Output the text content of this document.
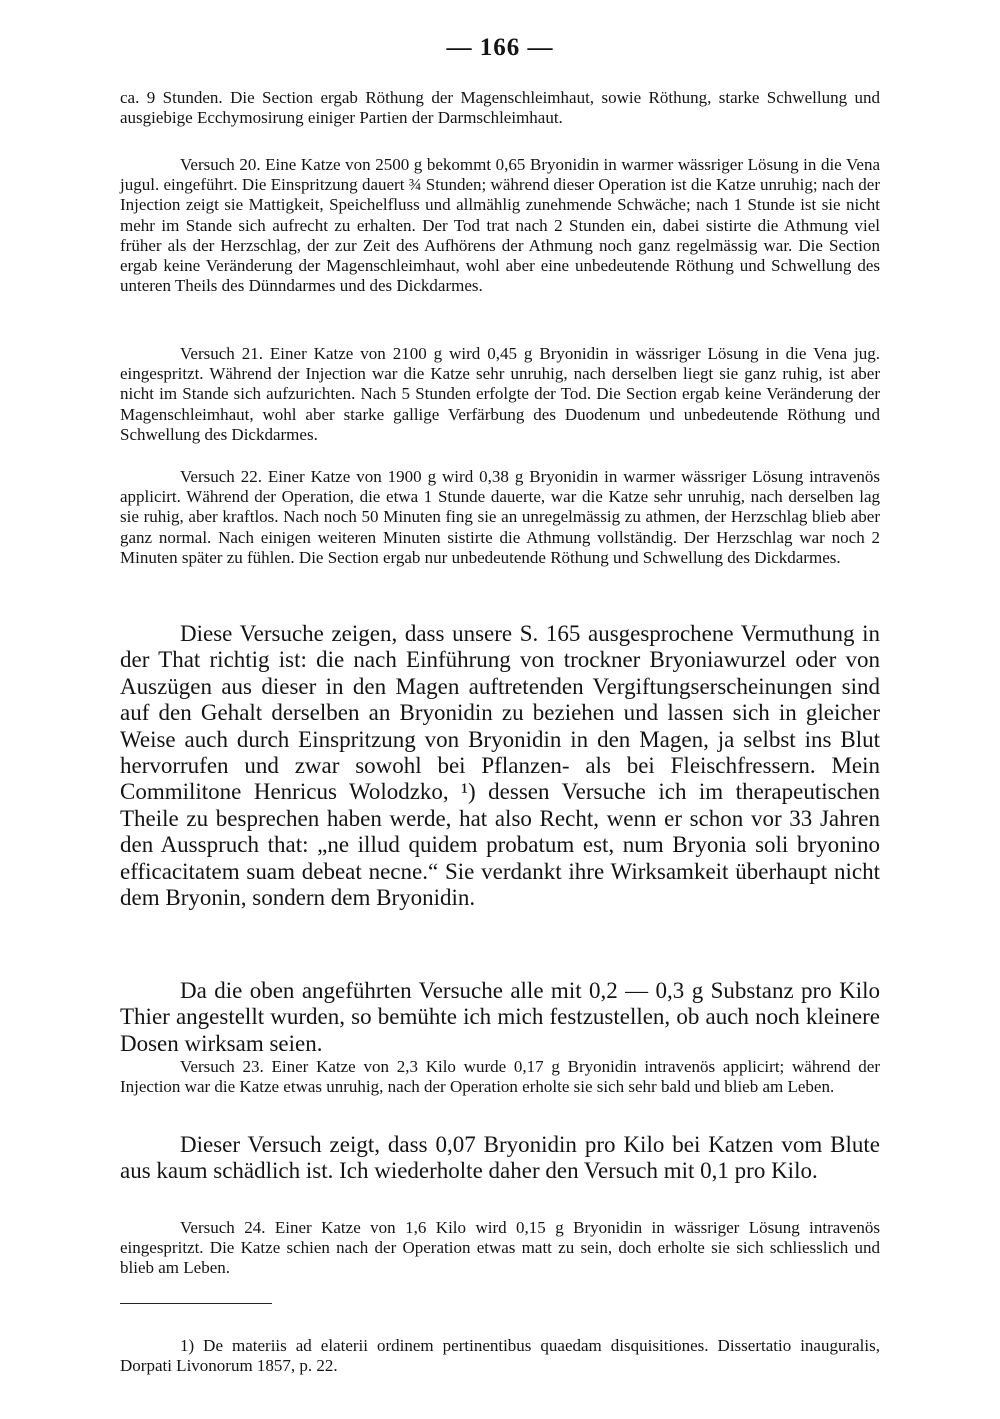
— 166 —
ca. 9 Stunden. Die Section ergab Röthung der Magenschleimhaut, sowie Röthung, starke Schwellung und ausgiebige Ecchymosirung einiger Partien der Darmschleimhaut.
Versuch 20. Eine Katze von 2500 g bekommt 0,65 Bryonidin in warmer wässriger Lösung in die Vena jugul. eingeführt. Die Einspritzung dauert ¾ Stunden; während dieser Operation ist die Katze unruhig; nach der Injection zeigt sie Mattigkeit, Speichelfluss und allmählig zunehmende Schwäche; nach 1 Stunde ist sie nicht mehr im Stande sich aufrecht zu erhalten. Der Tod trat nach 2 Stunden ein, dabei sistirte die Athmung viel früher als der Herzschlag, der zur Zeit des Aufhörens der Athmung noch ganz regelmässig war. Die Section ergab keine Veränderung der Magenschleimhaut, wohl aber eine unbedeutende Röthung und Schwellung des unteren Theils des Dünndarmes und des Dickdarmes.
Versuch 21. Einer Katze von 2100 g wird 0,45 g Bryonidin in wässriger Lösung in die Vena jug. eingespritzt. Während der Injection war die Katze sehr unruhig, nach derselben liegt sie ganz ruhig, ist aber nicht im Stande sich aufzurichten. Nach 5 Stunden erfolgte der Tod. Die Section ergab keine Veränderung der Magenschleimhaut, wohl aber starke gallige Verfärbung des Duodenum und unbedeutende Röthung und Schwellung des Dickdarmes.
Versuch 22. Einer Katze von 1900 g wird 0,38 g Bryonidin in warmer wässriger Lösung intravenös applicirt. Während der Operation, die etwa 1 Stunde dauerte, war die Katze sehr unruhig, nach derselben lag sie ruhig, aber kraftlos. Nach noch 50 Minuten fing sie an unregelmässig zu athmen, der Herzschlag blieb aber ganz normal. Nach einigen weiteren Minuten sistirte die Athmung vollständig. Der Herzschlag war noch 2 Minuten später zu fühlen. Die Section ergab nur unbedeutende Röthung und Schwellung des Dickdarmes.
Diese Versuche zeigen, dass unsere S. 165 ausgesprochene Vermuthung in der That richtig ist: die nach Einführung von trockner Bryoniawurzel oder von Auszügen aus dieser in den Magen auftretenden Vergiftungserscheinungen sind auf den Gehalt derselben an Bryonidin zu beziehen und lassen sich in gleicher Weise auch durch Einspritzung von Bryonidin in den Magen, ja selbst ins Blut hervorrufen und zwar sowohl bei Pflanzen- als bei Fleischfressern. Mein Commilitone Henricus Wolodzko, ¹) dessen Versuche ich im therapeutischen Theile zu besprechen haben werde, hat also Recht, wenn er schon vor 33 Jahren den Ausspruch that: „ne illud quidem probatum est, num Bryonia soli bryonino efficacitatem suam debeat necne.“ Sie verdankt ihre Wirksamkeit überhaupt nicht dem Bryonin, sondern dem Bryonidin.
Da die oben angeführten Versuche alle mit 0,2 — 0,3 g Substanz pro Kilo Thier angestellt wurden, so bemühte ich mich festzustellen, ob auch noch kleinere Dosen wirksam seien.
Versuch 23. Einer Katze von 2,3 Kilo wurde 0,17 g Bryonidin intravenös applicirt; während der Injection war die Katze etwas unruhig, nach der Operation erholte sie sich sehr bald und blieb am Leben.
Dieser Versuch zeigt, dass 0,07 Bryonidin pro Kilo bei Katzen vom Blute aus kaum schädlich ist. Ich wiederholte daher den Versuch mit 0,1 pro Kilo.
Versuch 24. Einer Katze von 1,6 Kilo wird 0,15 g Bryonidin in wässriger Lösung intravenös eingespritzt. Die Katze schien nach der Operation etwas matt zu sein, doch erholte sie sich schliesslich und blieb am Leben.
1) De materiis ad elaterii ordinem pertinentibus quaedam disquisitiones. Dissertatio inauguralis, Dorpati Livonorum 1857, p. 22.
